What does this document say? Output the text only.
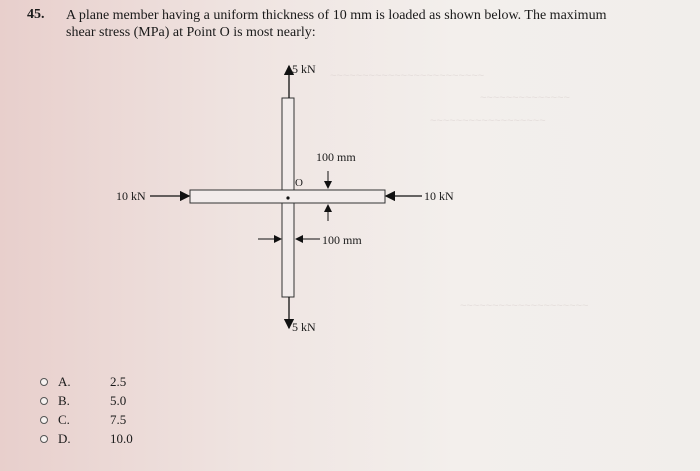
45. A plane member having a uniform thickness of 10 mm is loaded as shown below. The maximum
shear stress (MPa) at Point O is most nearly:
~~~~~~~~~~~~~~~~~~~~~~~~
~~~~~~~~~~~~~~
~~~~~~~~~~~~~~~~~~
~~~~~~~~~~~~~~~~~~~~
5 kN
5 kN
10 kN	10 kN
100 mm
100 mm
O
A.	2.5
B.	5.0
C.	7.5
D.	10.0
